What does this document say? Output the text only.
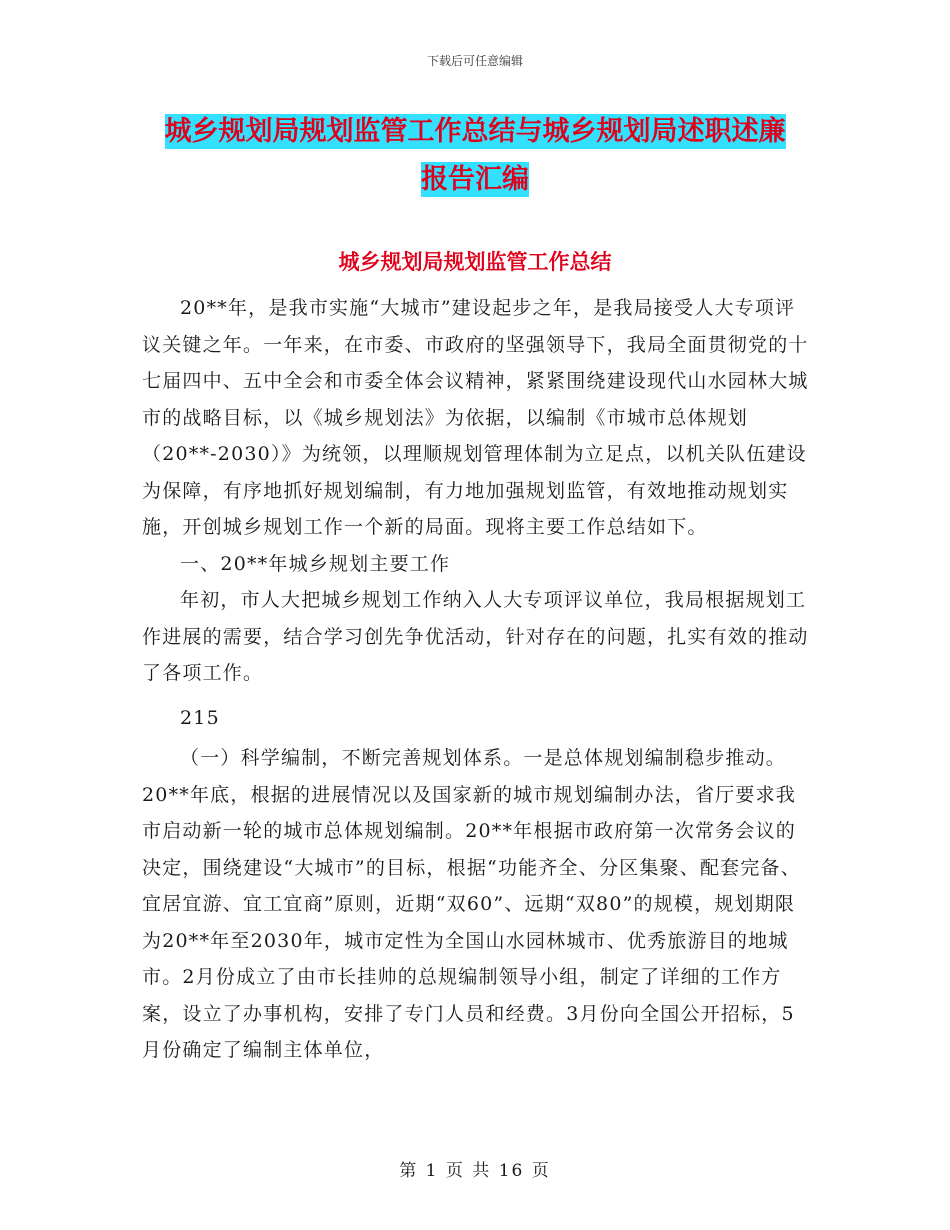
下载后可任意编辑
城乡规划局规划监管工作总结与城乡规划局述职述廉
报告汇编
城乡规划局规划监管工作总结

20**年，是我市实施“大城市”建设起步之年，是我局接受人大专项评议关键之年。一年来，在市委、市政府的坚强领导下，我局全面贯彻党的十七届四中、五中全会和市委全体会议精神，紧紧围绕建设现代山水园林大城市的战略目标，以《城乡规划法》为依据，以编制《市城市总体规划（20**-2030）》为统领，以理顺规划管理体制为立足点，以机关队伍建设为保障，有序地抓好规划编制，有力地加强规划监管，有效地推动规划实施，开创城乡规划工作一个新的局面。现将主要工作总结如下。

一、20**年城乡规划主要工作

年初，市人大把城乡规划工作纳入人大专项评议单位，我局根据规划工作进展的需要，结合学习创先争优活动，针对存在的问题，扎实有效的推动了各项工作。

215

（一）科学编制，不断完善规划体系。一是总体规划编制稳步推动。20**年底，根据的进展情况以及国家新的城市规划编制办法，省厅要求我市启动新一轮的城市总体规划编制。20**年根据市政府第一次常务会议的决定，围绕建设“大城市”的目标，根据“功能齐全、分区集聚、配套完备、宜居宜游、宜工宜商”原则，近期“双60”、远期“双80”的规模，规划期限为20**年至2030年，城市定性为全国山水园林城市、优秀旅游目的地城市。2月份成立了由市长挂帅的总规编制领导小组，制定了详细的工作方案，设立了办事机构，安排了专门人员和经费。3月份向全国公开招标，5月份确定了编制主体单位，

第 1 页 共 16 页
